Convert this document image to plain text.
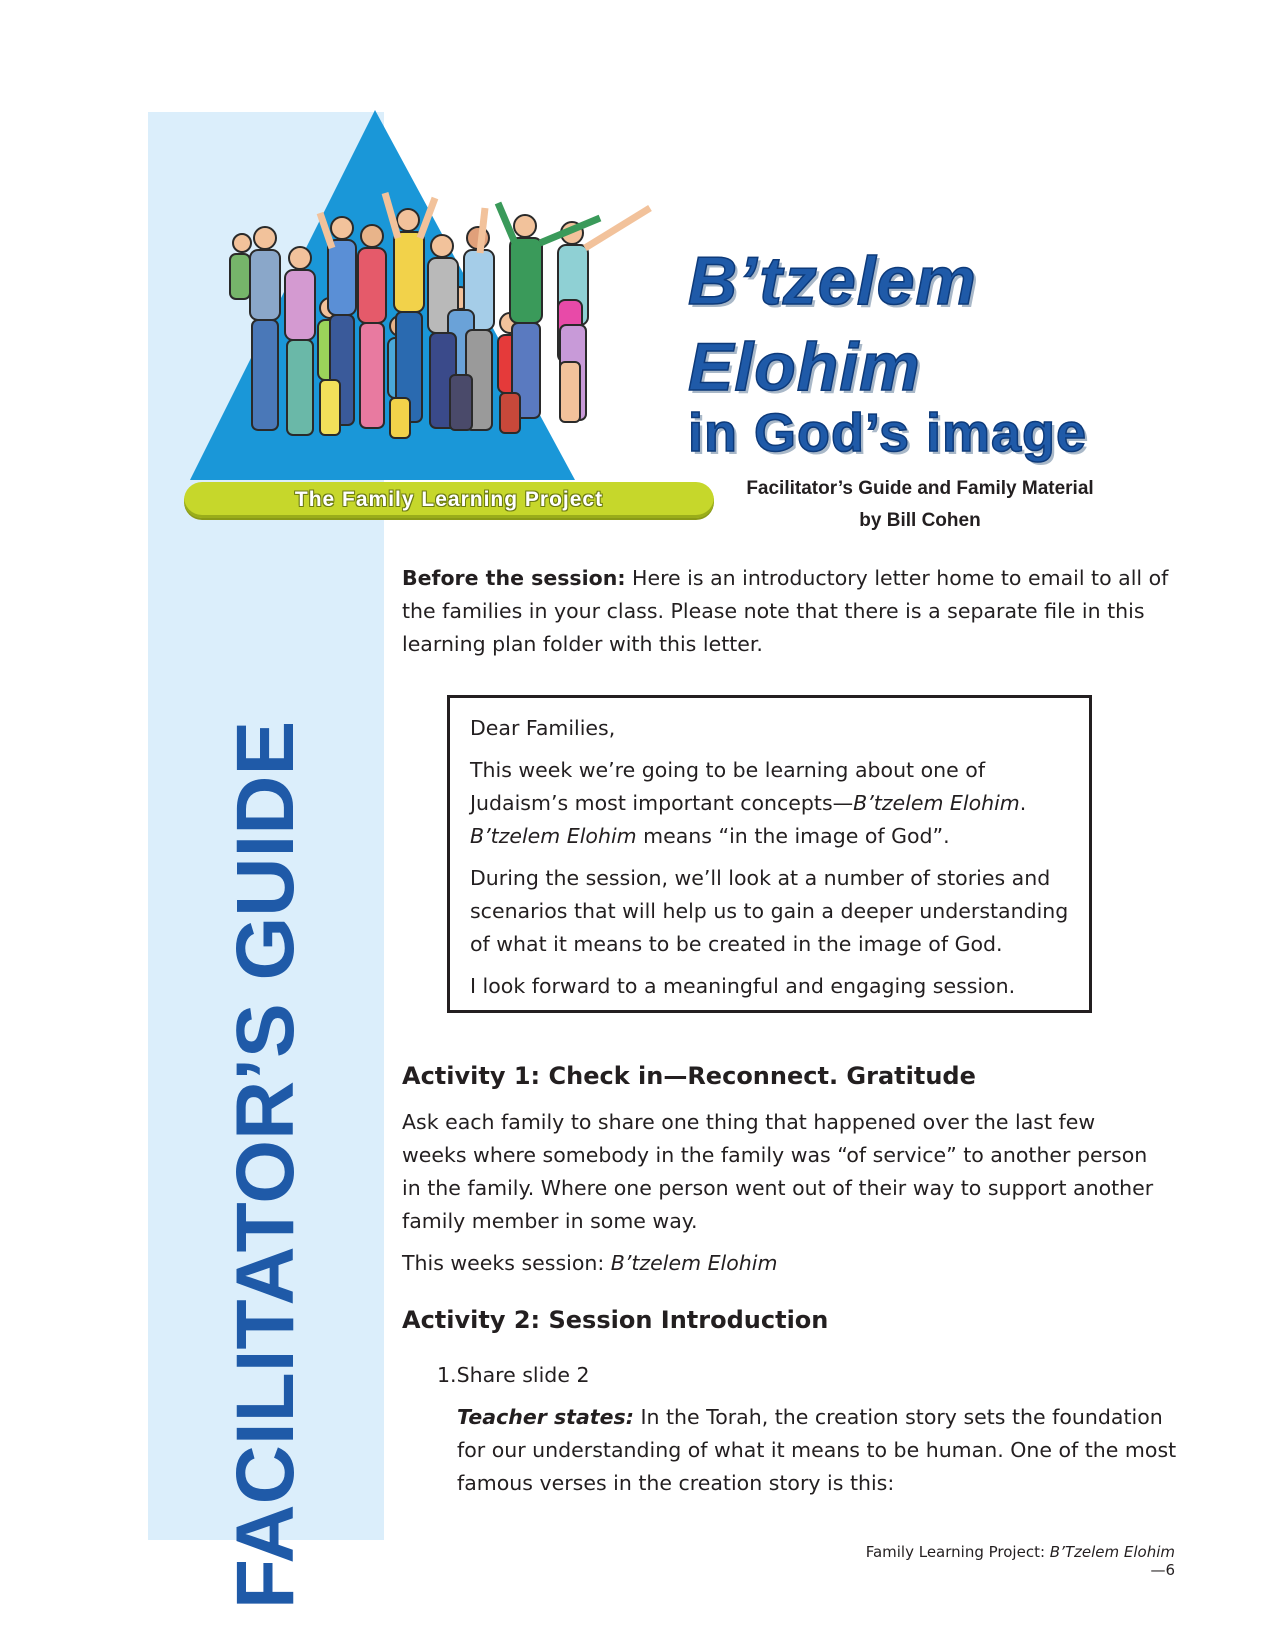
FACILITATOR’S GUIDE
The Family Learning Project
B’tzelem
Elohim
in God’s image
Facilitator’s Guide and Family Material
by Bill Cohen

Before the session: Here is an introductory letter home to email to all of the families in your class. Please note that there is a separate file in this learning plan folder with this letter.

Dear Families,

This week we’re going to be learning about one of Judaism’s most important concepts—B’tzelem Elohim. B’tzelem Elohim means “in the image of God”.

During the session, we’ll look at a number of stories and scenarios that will help us to gain a deeper understanding of what it means to be created in the image of God.

I look forward to a meaningful and engaging session.

Activity 1: Check in—Reconnect. Gratitude

Ask each family to share one thing that happened over the last few weeks where somebody in the family was “of service” to another person in the family. Where one person went out of their way to support another family member in some way.

This weeks session: B’tzelem Elohim

Activity 2: Session Introduction

1.Share slide 2

Teacher states: In the Torah, the creation story sets the foundation for our understanding of what it means to be human. One of the most famous verses in the creation story is this:

Family Learning Project: B’Tzelem Elohim—6
